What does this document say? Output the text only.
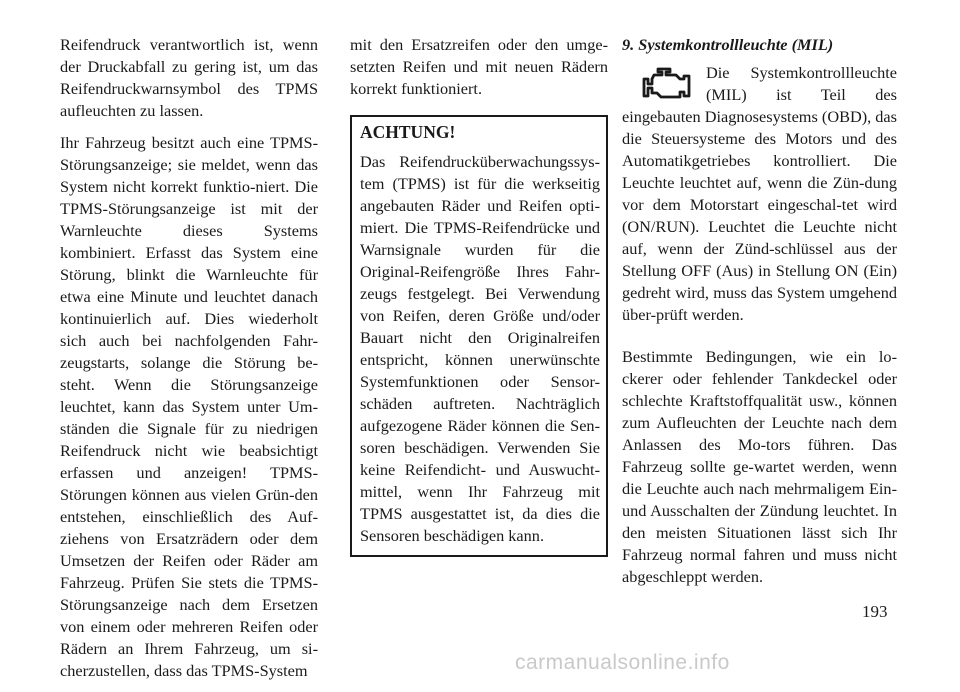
Reifendruck verantwortlich ist, wenn der Druckabfall zu gering ist, um das Reifendruckwarnsymbol des TPMS aufleuchten zu lassen.

Ihr Fahrzeug besitzt auch eine TPMS-Störungsanzeige; sie meldet, wenn das System nicht korrekt funktio-niert. Die TPMS-Störungsanzeige ist mit der Warnleuchte dieses Systems kombiniert. Erfasst das System eine Störung, blinkt die Warnleuchte für etwa eine Minute und leuchtet danach kontinuierlich auf. Dies wiederholt sich auch bei nachfolgenden Fahr-zeugstarts, solange die Störung be-steht. Wenn die Störungsanzeige leuchtet, kann das System unter Um-ständen die Signale für zu niedrigen Reifendruck nicht wie beabsichtigt erfassen und anzeigen! TPMS-Störungen können aus vielen Grün-den entstehen, einschließlich des Auf-ziehens von Ersatzrädern oder dem Umsetzen der Reifen oder Räder am Fahrzeug. Prüfen Sie stets die TPMS-Störungsanzeige nach dem Ersetzen von einem oder mehreren Reifen oder Rädern an Ihrem Fahrzeug, um si-cherzustellen, dass das TPMS-System

mit den Ersatzreifen oder den umge-setzten Reifen und mit neuen Rädern korrekt funktioniert.

ACHTUNG!

Das Reifendrucküberwachungssys-tem (TPMS) ist für die werkseitig angebauten Räder und Reifen opti-miert. Die TPMS-Reifendrücke und Warnsignale wurden für die Original-Reifengröße Ihres Fahr-zeugs festgelegt. Bei Verwendung von Reifen, deren Größe und/oder Bauart nicht den Originalreifen entspricht, können unerwünschte Systemfunktionen oder Sensor-schäden auftreten. Nachträglich aufgezogene Räder können die Sen-soren beschädigen. Verwenden Sie keine Reifendicht- und Auswucht-mittel, wenn Ihr Fahrzeug mit TPMS ausgestattet ist, da dies die Sensoren beschädigen kann.

9. Systemkontrollleuchte (MIL)

Die Systemkontrollleuchte (MIL) ist Teil des eingebauten Diagnosesystems (OBD), das die Steuersysteme des Motors und des Automatikgetriebes kontrolliert. Die Leuchte leuchtet auf, wenn die Zün-dung vor dem Motorstart eingeschal-tet wird (ON/RUN). Leuchtet die Leuchte nicht auf, wenn der Zünd-schlüssel aus der Stellung OFF (Aus) in Stellung ON (Ein) gedreht wird, muss das System umgehend über-prüft werden.

Bestimmte Bedingungen, wie ein lo-ckerer oder fehlender Tankdeckel oder schlechte Kraftstoffqualität usw., können zum Aufleuchten der Leuchte nach dem Anlassen des Mo-tors führen. Das Fahrzeug sollte ge-wartet werden, wenn die Leuchte auch nach mehrmaligem Ein- und Ausschalten der Zündung leuchtet. In den meisten Situationen lässt sich Ihr Fahrzeug normal fahren und muss nicht abgeschleppt werden.

193
carmanualsonline.info
